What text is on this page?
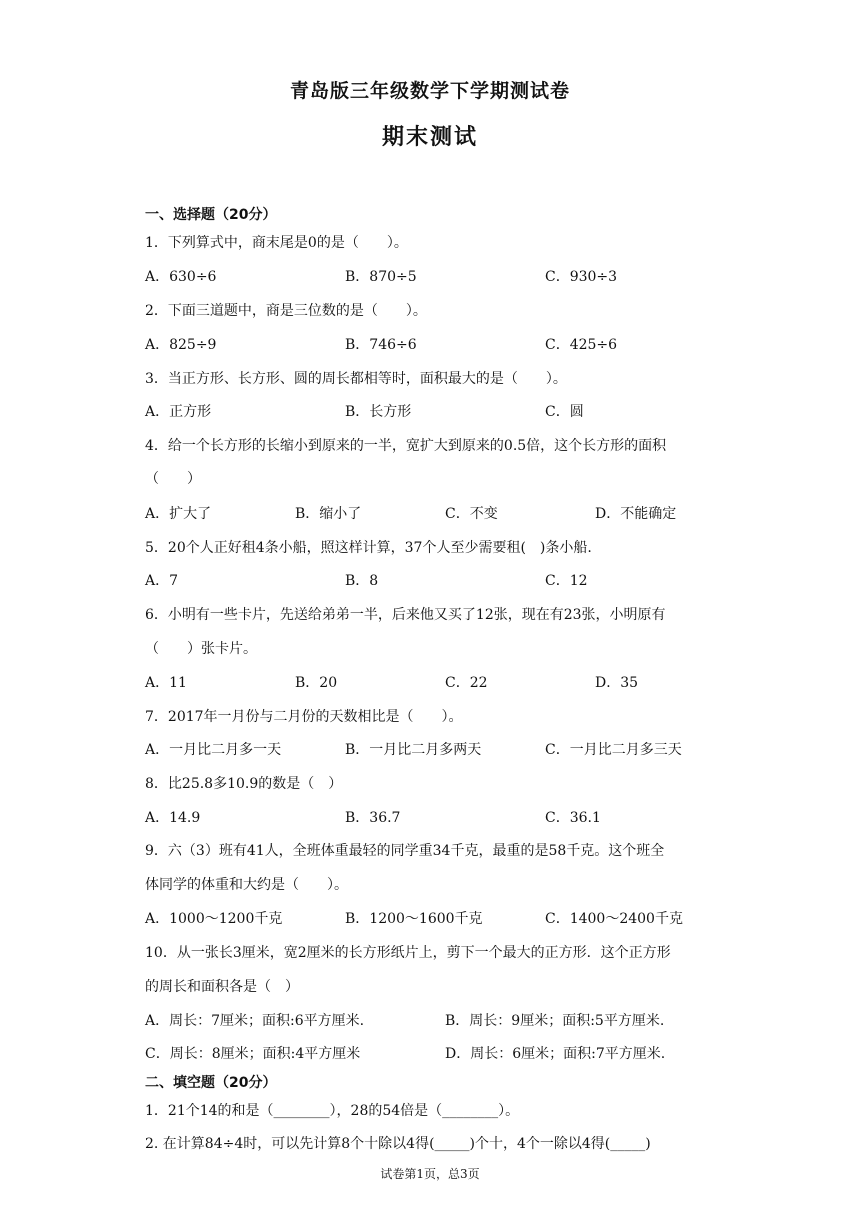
青岛版三年级数学下学期测试卷
期末测试
一、选择题（20分）
1．下列算式中，商末尾是0的是（　　）。
A．630÷6	B．870÷5	C．930÷3
2．下面三道题中，商是三位数的是（　　）。
A．825÷9	B．746÷6	C．425÷6
3．当正方形、长方形、圆的周长都相等时，面积最大的是（　　）。
A．正方形	B．长方形	C．圆
4．给一个长方形的长缩小到原来的一半，宽扩大到原来的0.5倍，这个长方形的面积
（　　）
A．扩大了	B．缩小了	C．不变	D．不能确定
5．20个人正好租4条小船，照这样计算，37个人至少需要租(　)条小船.
A．7	B．8	C．12
6．小明有一些卡片，先送给弟弟一半，后来他又买了12张，现在有23张，小明原有
（　　）张卡片。
A．11	B．20	C．22	D．35
7．2017年一月份与二月份的天数相比是（　　）。
A．一月比二月多一天	B．一月比二月多两天	C．一月比二月多三天
8．比25.8多10.9的数是（　）
A．14.9	B．36.7	C．36.1
9．六（3）班有41人，全班体重最轻的同学重34千克，最重的是58千克。这个班全
体同学的体重和大约是（　　）。
A．1000～1200千克	B．1200～1600千克	C．1400～2400千克
10．从一张长3厘米，宽2厘米的长方形纸片上，剪下一个最大的正方形．这个正方形
的周长和面积各是（　）
A．周长：7厘米；面积:6平方厘米.	B．周长：9厘米；面积:5平方厘米.
C．周长：8厘米；面积:4平方厘米	D．周长：6厘米；面积:7平方厘米.
二、填空题（20分）
1．21个14的和是（________），28的54倍是（________）。
2. 在计算84÷4时，可以先计算8个十除以4得(_____)个十，4个一除以4得(_____)
试卷第1页，总3页
